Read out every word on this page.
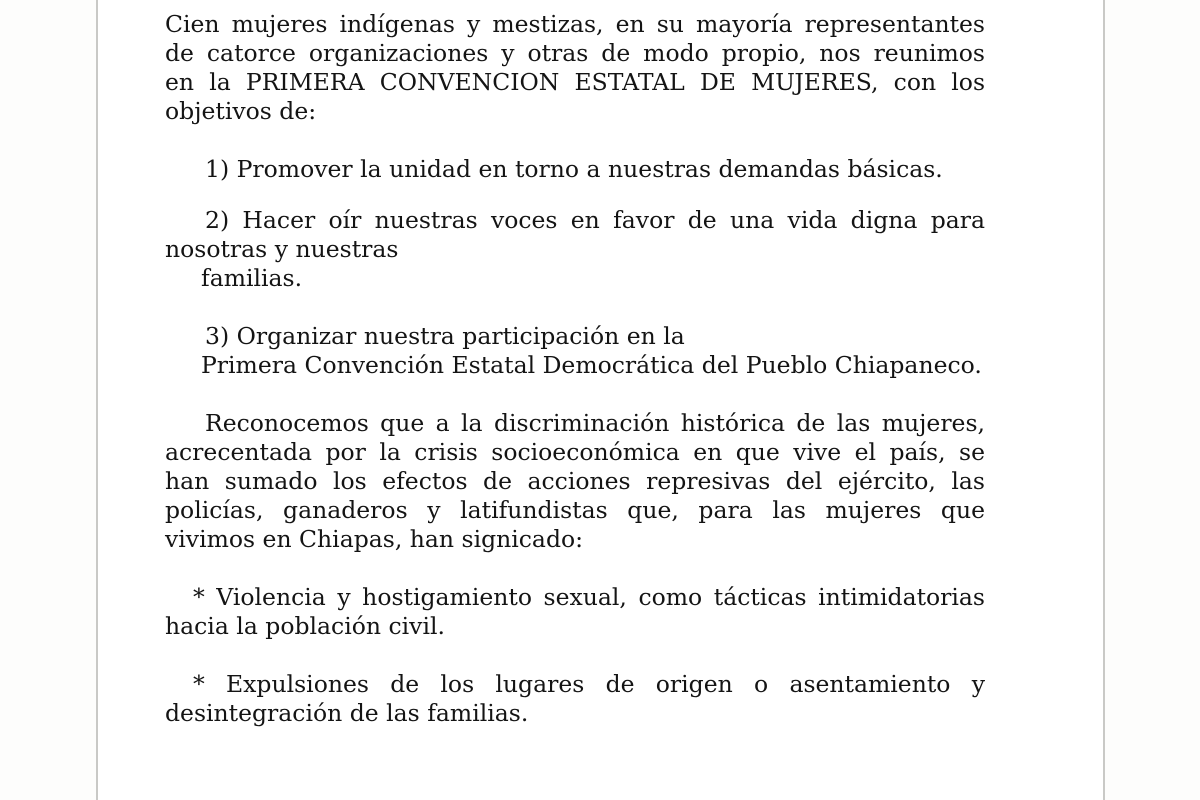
Cien mujeres indígenas y mestizas, en su mayoría representantes
de catorce organizaciones y otras de modo propio, nos reunimos
en la PRIMERA CONVENCION ESTATAL DE MUJERES, con los
objetivos de:
1) Promover la unidad en torno a nuestras demandas básicas.
2) Hacer oír nuestras voces en favor de una vida digna para
nosotras y nuestras
familias.
3) Organizar nuestra participación en la
Primera Convención Estatal Democrática del Pueblo Chiapaneco.
Reconocemos que a la discriminación histórica de las mujeres,
acrecentada por la crisis socioeconómica en que vive el país, se
han sumado los efectos de acciones represivas del ejército, las
policías, ganaderos y latifundistas que, para las mujeres que
vivimos en Chiapas, han signicado:
* Violencia y hostigamiento sexual, como tácticas intimidatorias
hacia la población civil.
* Expulsiones de los lugares de origen o asentamiento y
desintegración de las familias.
